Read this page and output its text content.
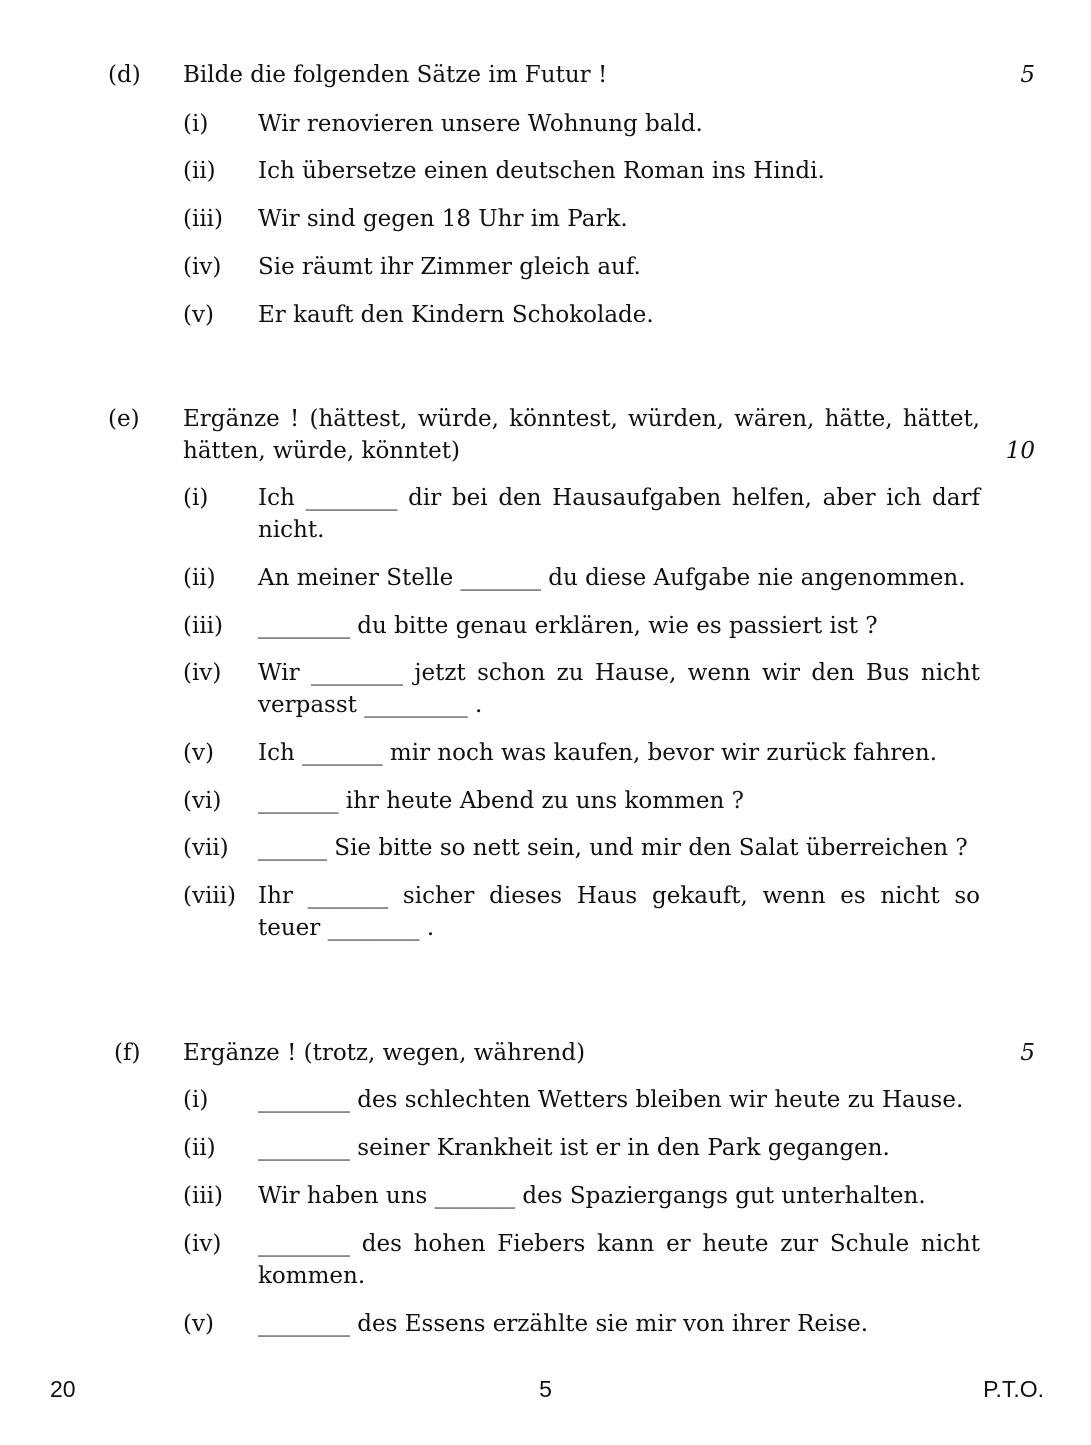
(d) Bilde die folgenden Sätze im Futur !	5
(i) Wir renovieren unsere Wohnung bald.
(ii) Ich übersetze einen deutschen Roman ins Hindi.
(iii) Wir sind gegen 18 Uhr im Park.
(iv) Sie räumt ihr Zimmer gleich auf.
(v) Er kauft den Kindern Schokolade.
(e) Ergänze ! (hättest, würde, könntest, würden, wären, hätte, hättet, hätten, würde, könntet)	10
(i) Ich ________ dir bei den Hausaufgaben helfen, aber ich darf nicht.
(ii) An meiner Stelle _______ du diese Aufgabe nie angenommen.
(iii) ________ du bitte genau erklären, wie es passiert ist ?
(iv) Wir ________ jetzt schon zu Hause, wenn wir den Bus nicht verpasst _________ .
(v) Ich _______ mir noch was kaufen, bevor wir zurück fahren.
(vi) _______ ihr heute Abend zu uns kommen ?
(vii) ______ Sie bitte so nett sein, und mir den Salat überreichen ?
(viii) Ihr _______ sicher dieses Haus gekauft, wenn es nicht so teuer ________ .
(f) Ergänze ! (trotz, wegen, während)	5
(i) ________ des schlechten Wetters bleiben wir heute zu Hause.
(ii) ________ seiner Krankheit ist er in den Park gegangen.
(iii) Wir haben uns _______ des Spaziergangs gut unterhalten.
(iv) ________ des hohen Fiebers kann er heute zur Schule nicht kommen.
(v) ________ des Essens erzählte sie mir von ihrer Reise.
20	5	P.T.O.
